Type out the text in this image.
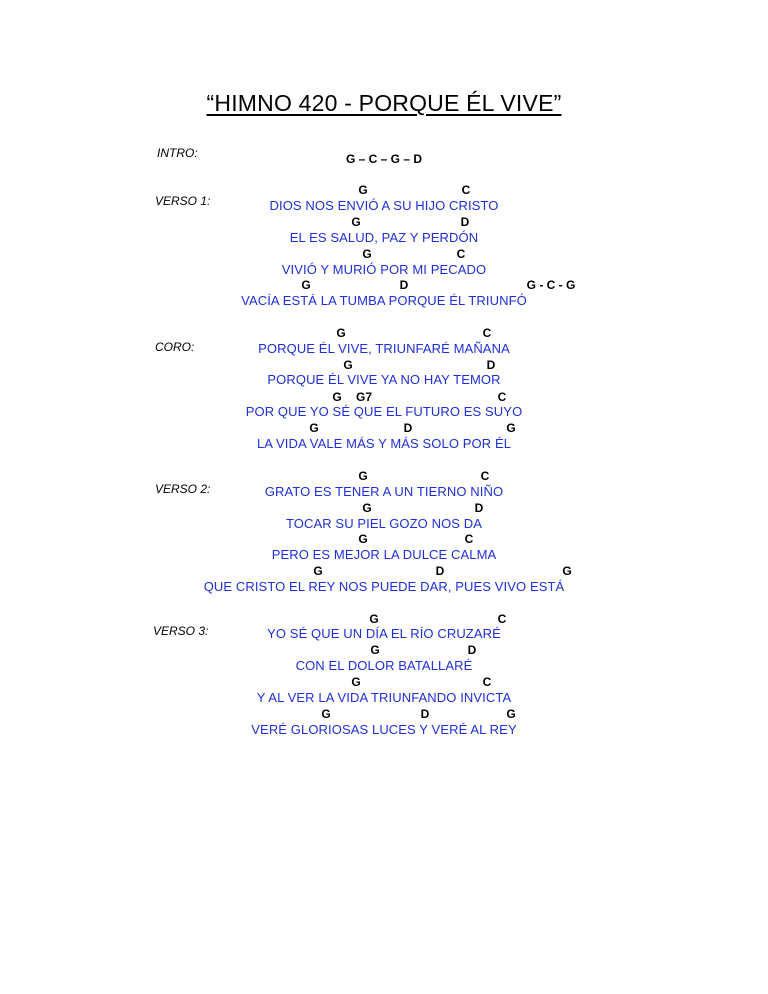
“HIMNO 420 - PORQUE ÉL VIVE”
INTRO:	G – C – G – D
VERSO 1:
G	C
DIOS NOS ENVIÓ A SU HIJO CRISTO
G	D
EL ES SALUD, PAZ Y PERDÓN
G	C
VIVIÓ Y MURIÓ POR MI PECADO
G	D	G - C - G
VACÍA ESTÁ LA TUMBA PORQUE ÉL TRIUNFÓ
CORO:
G	C
PORQUE ÉL VIVE, TRIUNFARÉ MAÑANA
G	D
PORQUE ÉL VIVE YA NO HAY TEMOR
G G7	C
POR QUE YO SÉ QUE EL FUTURO ES SUYO
G	D	G
LA VIDA VALE MÁS Y MÁS SOLO POR ÉL
VERSO 2:
G	C
GRATO ES TENER A UN TIERNO NIÑO
G	D
TOCAR SU PIEL GOZO NOS DA
G	C
PERO ES MEJOR LA DULCE CALMA
G	D	G
QUE CRISTO EL REY NOS PUEDE DAR, PUES VIVO ESTÁ
VERSO 3:
G	C
YO SÉ QUE UN DÍA EL RÍO CRUZARÉ
G	D
CON EL DOLOR BATALLARÉ
G	C
Y AL VER LA VIDA TRIUNFANDO INVICTA
G	D	G
VERÉ GLORIOSAS LUCES Y VERÉ AL REY
